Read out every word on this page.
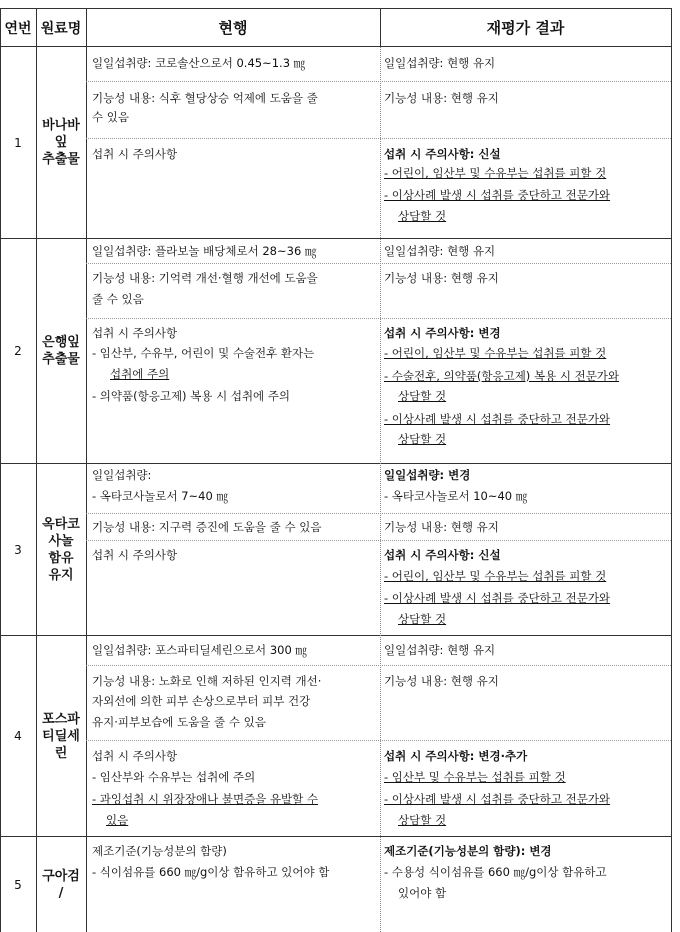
연번 원료명	현행	재평가 결과
1
바나바
잎
추출물
일일섭취량: 코로솔산으로서 0.45~1.3 ㎎
기능성 내용: 식후 혈당상승 억제에 도움을 줄
수 있음
섭취 시 주의사항
일일섭취량: 현행 유지
기능성 내용: 현행 유지
섭취 시 주의사항: 신설
- 어린이, 임산부 및 수유부는 섭취를 피할 것
- 이상사례 발생 시 섭취를 중단하고 전문가와
상담할 것
2
은행잎
추출물
일일섭취량: 플라보놀 배당체로서 28~36 ㎎
기능성 내용: 기억력 개선·혈행 개선에 도움을
줄 수 있음
섭취 시 주의사항
- 임산부, 수유부, 어린이 및 수술전후 환자는
섭취에 주의
- 의약품(항응고제) 복용 시 섭취에 주의
일일섭취량: 현행 유지
기능성 내용: 현행 유지
섭취 시 주의사항: 변경
- 어린이, 임산부 및 수유부는 섭취를 피할 것
- 수술전후, 의약품(항응고제) 복용 시 전문가와
상담할 것
- 이상사례 발생 시 섭취를 중단하고 전문가와
상담할 것
3
옥타코
사놀
함유
유지
일일섭취량:
- 옥타코사놀로서 7~40 ㎎
기능성 내용: 지구력 증진에 도움을 줄 수 있음
섭취 시 주의사항
일일섭취량: 변경
- 옥타코사놀로서 10~40 ㎎
기능성 내용: 현행 유지
섭취 시 주의사항: 신설
- 어린이, 임산부 및 수유부는 섭취를 피할 것
- 이상사례 발생 시 섭취를 중단하고 전문가와
상담할 것
4
포스파
티딜세
린
일일섭취량: 포스파티딜세린으로서 300 ㎎
기능성 내용: 노화로 인해 저하된 인지력 개선·
자외선에 의한 피부 손상으로부터 피부 건강
유지·피부보습에 도움을 줄 수 있음
섭취 시 주의사항
- 임산부와 수유부는 섭취에 주의
- 과잉섭취 시 위장장애나 불면증을 유발할 수
있음
일일섭취량: 현행 유지
기능성 내용: 현행 유지
섭취 시 주의사항: 변경·추가
- 임산부 및 수유부는 섭취를 피할 것
- 이상사례 발생 시 섭취를 중단하고 전문가와
상담할 것
5
구아검
/
제조기준(기능성분의 함량)
- 식이섬유를 660 ㎎/g이상 함유하고 있어야 함
제조기준(기능성분의 함량): 변경
- 수용성 식이섬유를 660 ㎎/g이상 함유하고
있어야 함
